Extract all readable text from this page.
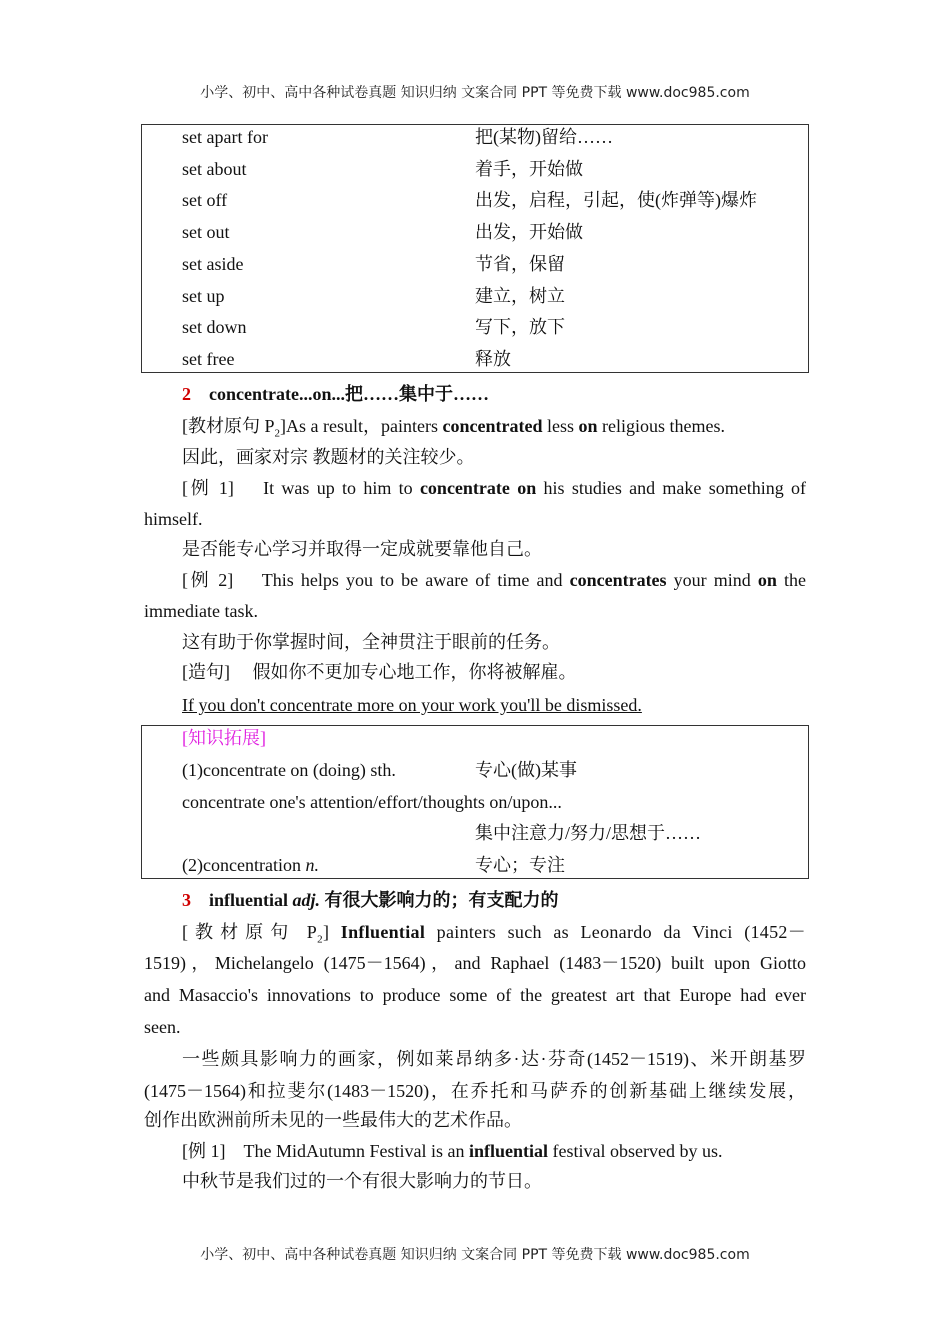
小学、初中、高中各种试卷真题 知识归纳 文案合同 PPT 等免费下载 www.doc985.com
2 concentrate...on...把……集中于……
[教材原句 $P_2]As$ a result，painters concentrated less on religious themes.
因此，画家对宗 教题材的关注较少。
[例 1] It was up to him to concentrate on his studies and make something of
himself.
是否能专心学习并取得一定成就要靠他自己。
[例 2] This helps you to be aware of time and concentrates your mind on the
immediate task.
这有助于你掌握时间，全神贯注于眼前的任务。
[造句] 假如你不更加专心地工作，你将被解雇。
If you don't concentrate more on your work you'll be dismissed.
[知识拓展]
(1)concentrate on (doing) sth.	专心(做)某事
concentrate one's attention/effort/thoughts on/upon...
集中注意力/努力/思想于……
(2)concentration n.	专心；专注
3 influential adj. 有很大影响力的；有支配力的
[教材原句 $P_2$] Influential painters such as Leonardo da Vinci (1452－
1519)，Michelangelo (1475－1564)，and Raphael (1483－1520) built upon Giotto
and Masaccio's innovations to produce some of the greatest art that Europe had ever
seen.
一些颇具影响力的画家，例如莱昂纳多·达·芬奇(1452－1519)、米开朗基罗
(1475－1564)和拉斐尔(1483－1520)，在乔托和马萨乔的创新基础上继续发展，
创作出欧洲前所未见的一些最伟大的艺术作品。
[例 1] The MidAutumn Festival is an influential festival observed by us.
中秋节是我们过的一个有很大影响力的节日。
小学、初中、高中各种试卷真题 知识归纳 文案合同 PPT 等免费下载 www.doc985.com
set apart for	把(某物)留给……
set about	着手，开始做
set off	出发，启程，引起，使(炸弹等)爆炸
set out	出发，开始做
set aside	节省，保留
set up	建立，树立
set down	写下，放下
set free	释放
